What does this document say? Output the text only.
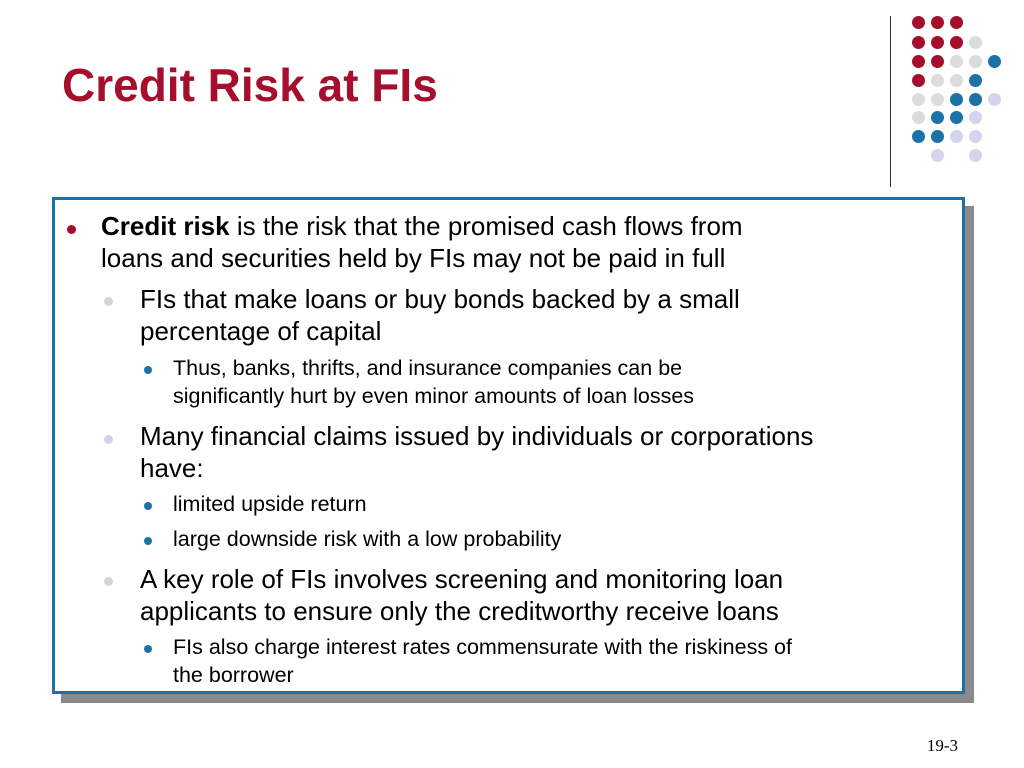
Credit Risk at FIs
Credit risk is the risk that the promised cash flows from
loans and securities held by FIs may not be paid in full
FIs that make loans or buy bonds backed by a small
percentage of capital
Thus, banks, thrifts, and insurance companies can be
significantly hurt by even minor amounts of loan losses
Many financial claims issued by individuals or corporations
have:
limited upside return
large downside risk with a low probability
A key role of FIs involves screening and monitoring loan
applicants to ensure only the creditworthy receive loans
FIs also charge interest rates commensurate with the riskiness of
the borrower
19-3
